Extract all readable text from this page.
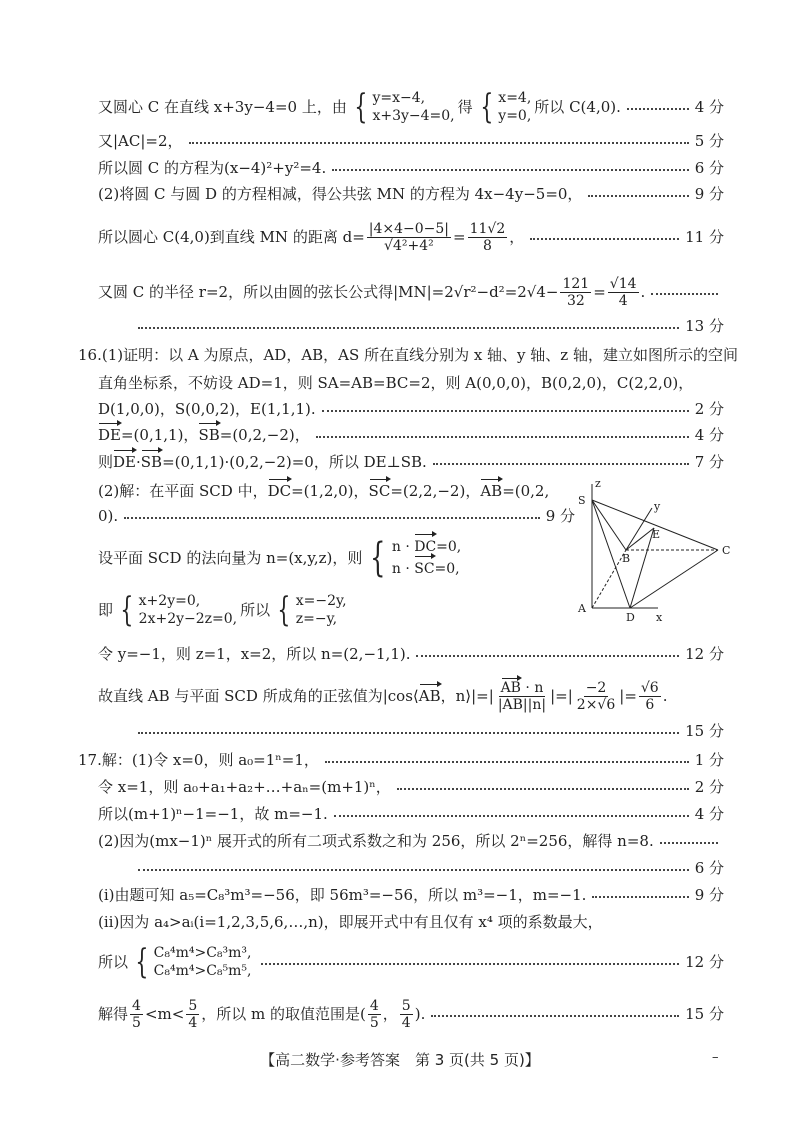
又圆心 C 在直线 x+3y−4=0 上，由 { y=x−4,
x+3y−4=0, 得 { x=4,
y=0, 所以 C(4,0).	4 分
又|AC|=2，	5 分
所以圆 C 的方程为(x−4)²+y²=4.	6 分
(2)将圆 C 与圆 D 的方程相减，得公共弦 MN 的方程为 4x−4y−5=0，	9 分
所以圆心 C(4,0)到直线 MN 的距离 $d= \frac{|4\times 4-0-5|}{\text{√4²+4²}} = \frac{11√2}{8}$ ，	11 分
又圆 C 的半径 r=2，所以由圆的弦长公式得$|MN|=2√r^2-d^2=2√4- \frac{121}{32} = \frac{√14}{4}$ .
13 分
16.(1)证明：以 A 为原点，AD，AB，AS 所在直线分别为 x 轴、y 轴、z 轴，建立如图所示的空间
直角坐标系，不妨设 AD=1，则 SA=AB=BC=2，则 A(0,0,0)，B(0,2,0)，C(2,2,0)，
D(1,0,0)，S(0,0,2)，E(1,1,1).	2 分
DE =(0,1,1)， SB =(0,2,−2)，	4 分
则 DE · SB =(0,1,1)·(0,2,−2)=0，所以 DE⊥SB.	7 分
(2)解：在平面 SCD 中， DC =(1,2,0)， SC =(2,2,−2)， AB =(0,2,
0).	9 分
设平面 SCD 的法向量为 n=(x,y,z)，则 { n · DC=0,
n · SC=0,
即 { x+2y=0,
2x+2y−2z=0, 所以 { x=−2y,
z=−y,
令 y=−1，则 z=1，x=2，所以 n=(2,−1,1).	12 分
故直线 AB 与平面 SCD 所成角的正弦值为|cos⟨ AB ，n⟩|=| $\frac{AB \cdot n}{|AB||n|}$ |=| $\frac{-2}{2\times√6}$ |= $\frac{√6}{6}$ .
15 分
17.解：(1)令 x=0，则 a₀=1ⁿ=1，	1 分
令 x=1，则 a₀+a₁+a₂+…+aₙ=(m+1)ⁿ，	2 分
所以(m+1)ⁿ−1=−1，故 m=−1.	4 分
(2)因为(mx−1)ⁿ 展开式的所有二项式系数之和为 256，所以 2ⁿ=256，解得 n=8.
6 分
(ⅰ)由题可知 a₅=C₈³m³=−56，即 56m³=−56，所以 m³=−1，m=−1.	9 分
(ⅱ)因为 a₄>aᵢ(i=1,2,3,5,6,…,n)，即展开式中有且仅有 x⁴ 项的系数最大，
所以 { C₈⁴m⁴>C₈³m³,
C₈⁴m⁴>C₈⁵m⁵,	12 分
解得 $\frac{4}{5} <m< \frac{5}{4}$ ，所以 m 的取值范围是( $\frac{4}{5}$ ， $\frac{5}{4}$ ).	15 分
S
z
y
E
B
C
A
D x
【高二数学·参考答案　第 3 页(共 5 页)】	–
